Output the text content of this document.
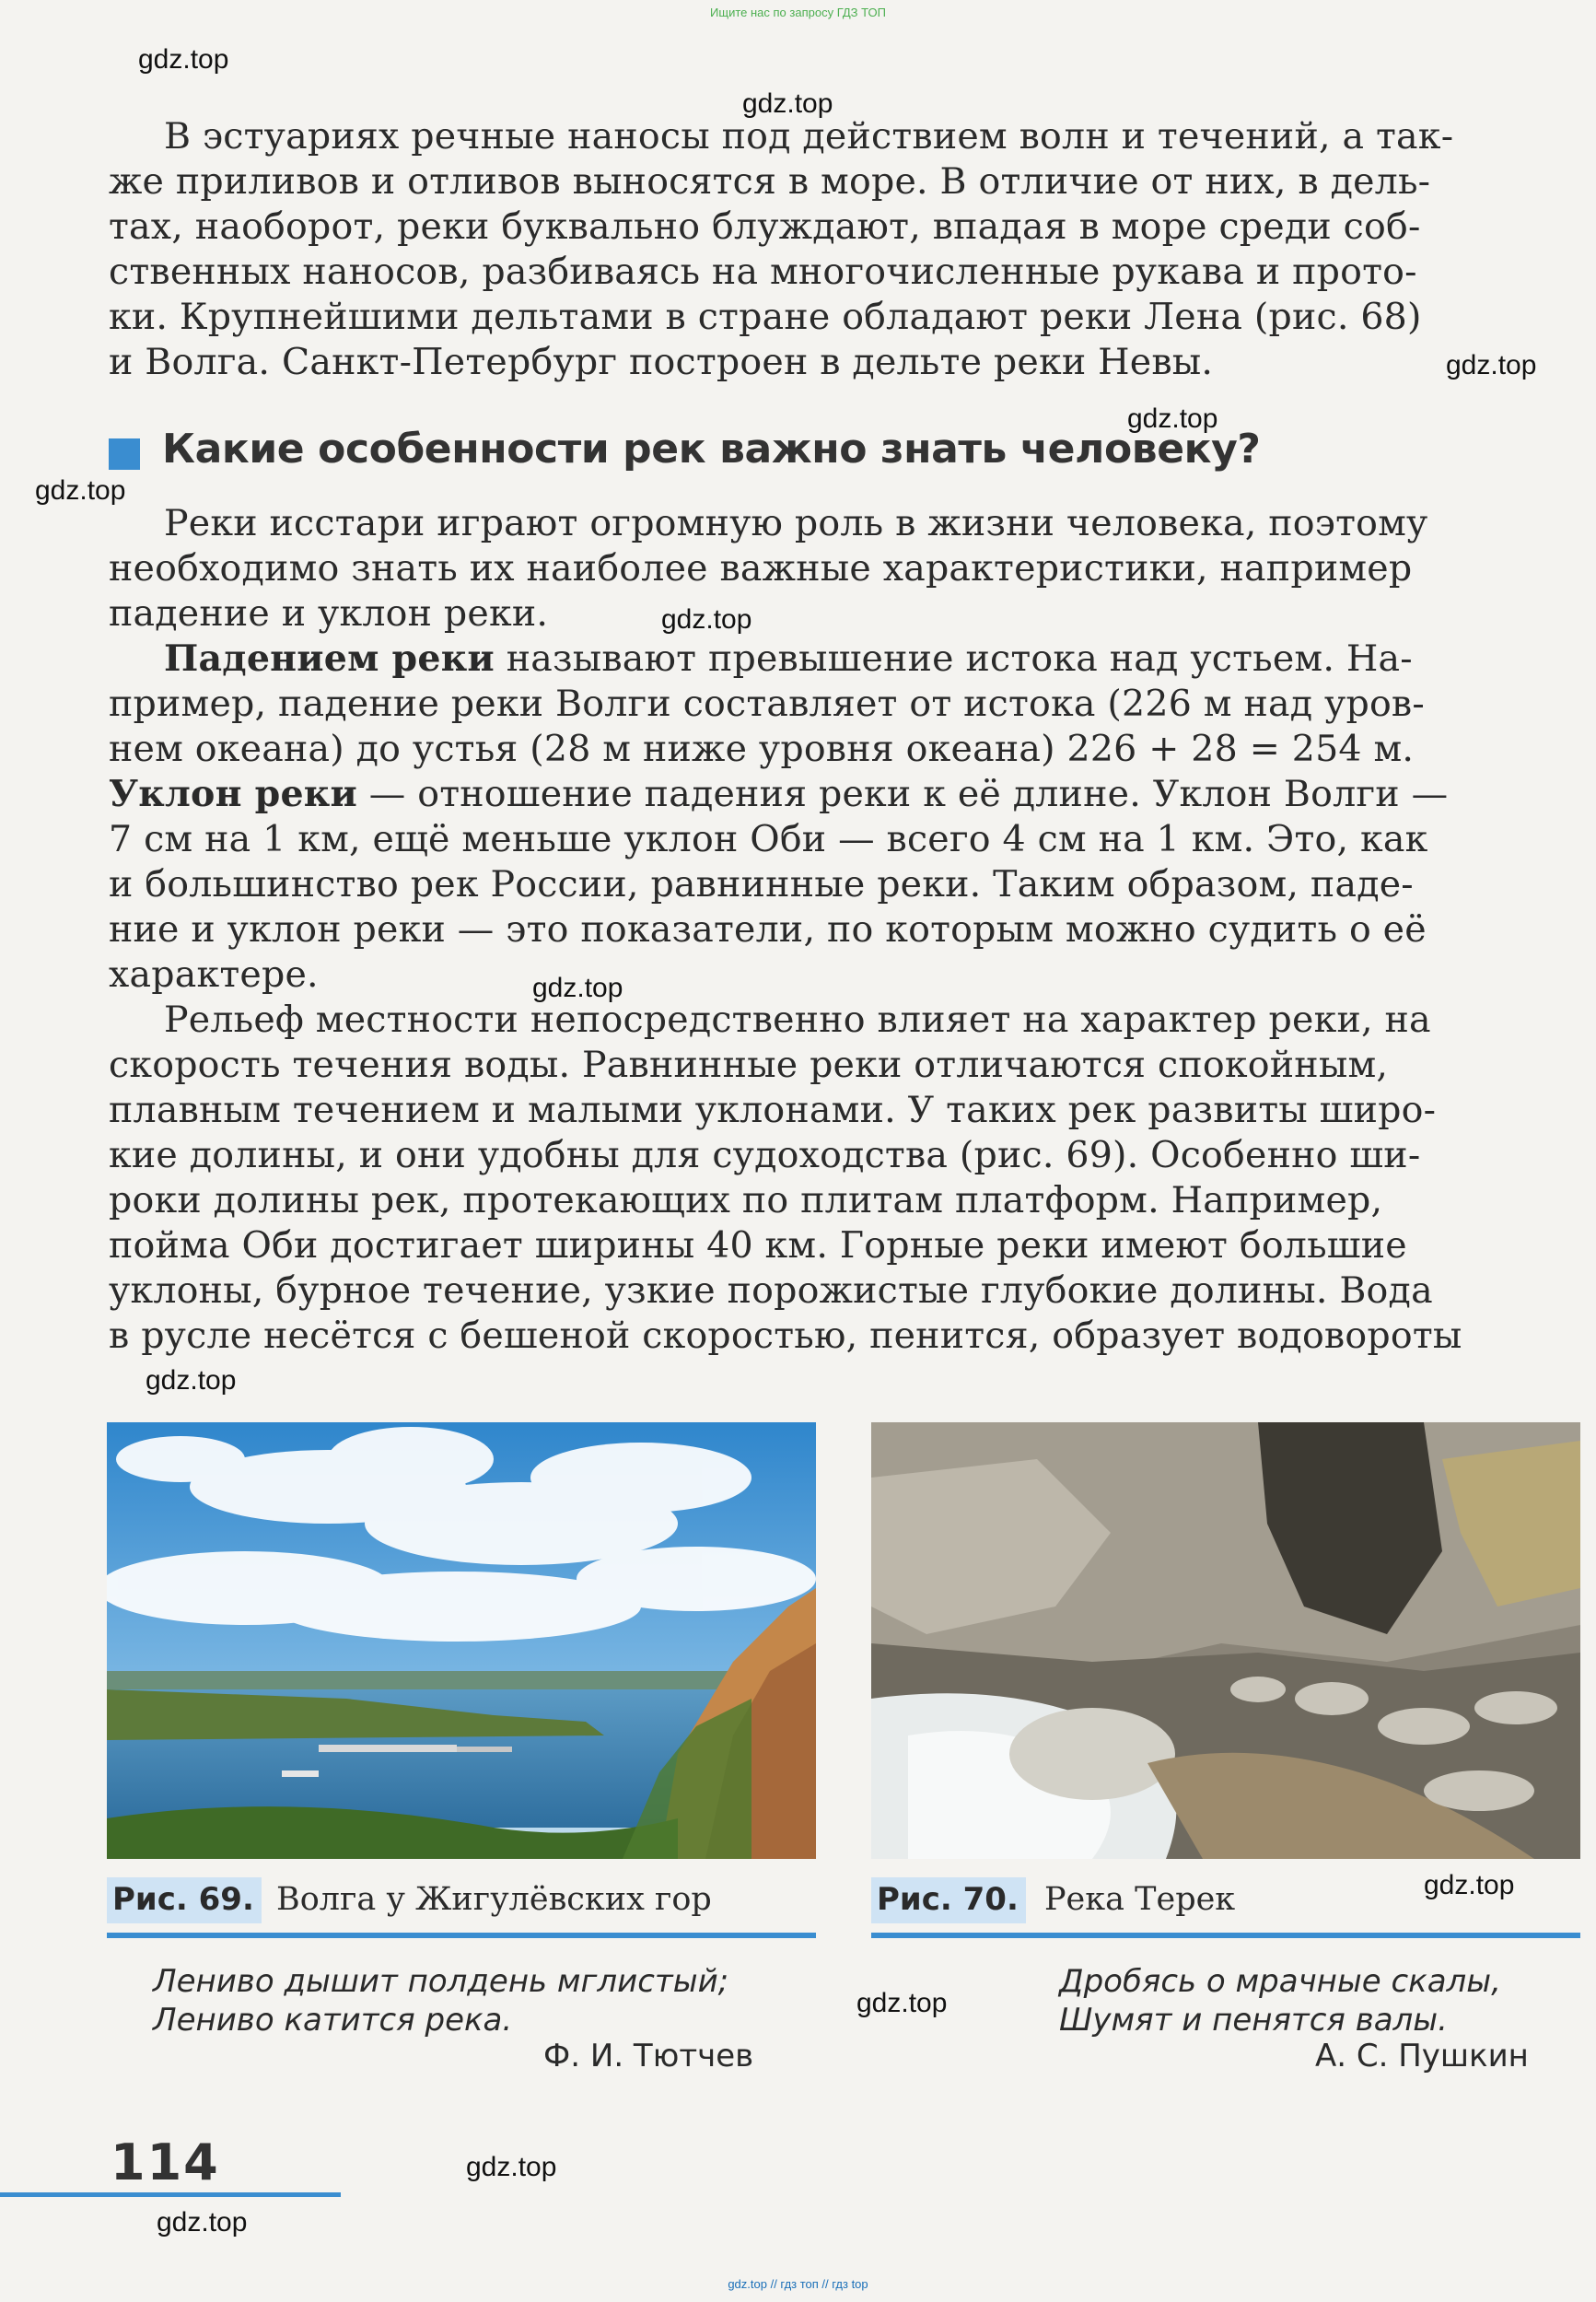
Ищите нас по запросу ГДЗ ТОП
gdz.top
gdz.top
gdz.top
gdz.top
gdz.top
gdz.top
gdz.top
gdz.top
gdz.top
gdz.top
gdz.top
gdz.top
В эстуариях речные наносы под действием волн и течений, а так-
же приливов и отливов выносятся в море. В отличие от них, в дель-
тах, наоборот, реки буквально блуждают, впадая в море среди соб-
ственных наносов, разбиваясь на многочисленные рукава и прото-
ки. Крупнейшими дельтами в стране обладают реки Лена (рис. 68)
и Волга. Санкт-Петербург построен в дельте реки Невы.
Какие особенности рек важно знать человеку?
Реки исстари играют огромную роль в жизни человека, поэтому
необходимо знать их наиболее важные характеристики, например
падение и уклон реки.
Падением реки называют превышение истока над устьем. На-
пример, падение реки Волги составляет от истока (226 м над уров-
нем океана) до устья (28 м ниже уровня океана) 226 + 28 = 254 м.
Уклон реки — отношение падения реки к её длине. Уклон Волги —
7 см на 1 км, ещё меньше уклон Оби — всего 4 см на 1 км. Это, как
и большинство рек России, равнинные реки. Таким образом, паде-
ние и уклон реки — это показатели, по которым можно судить о её
характере.
Рельеф местности непосредственно влияет на характер реки, на
скорость течения воды. Равнинные реки отличаются спокойным,
плавным течением и малыми уклонами. У таких рек развиты широ-
кие долины, и они удобны для судоходства (рис. 69). Особенно ши-
роки долины рек, протекающих по плитам платформ. Например,
пойма Оби достигает ширины 40 км. Горные реки имеют большие
уклоны, бурное течение, узкие порожистые глубокие долины. Вода
в русле несётся с бешеной скоростью, пенится, образует водовороты
Рис. 69. Волга у Жигулёвских гор	Рис. 70. Река Терек
Лениво дышит полдень мглистый;
Лениво катится река.
Ф. И. Тютчев
Дробясь о мрачные скалы,
Шумят и пенятся валы.
А. С. Пушкин
114
gdz.top // гдз топ // гдз top
